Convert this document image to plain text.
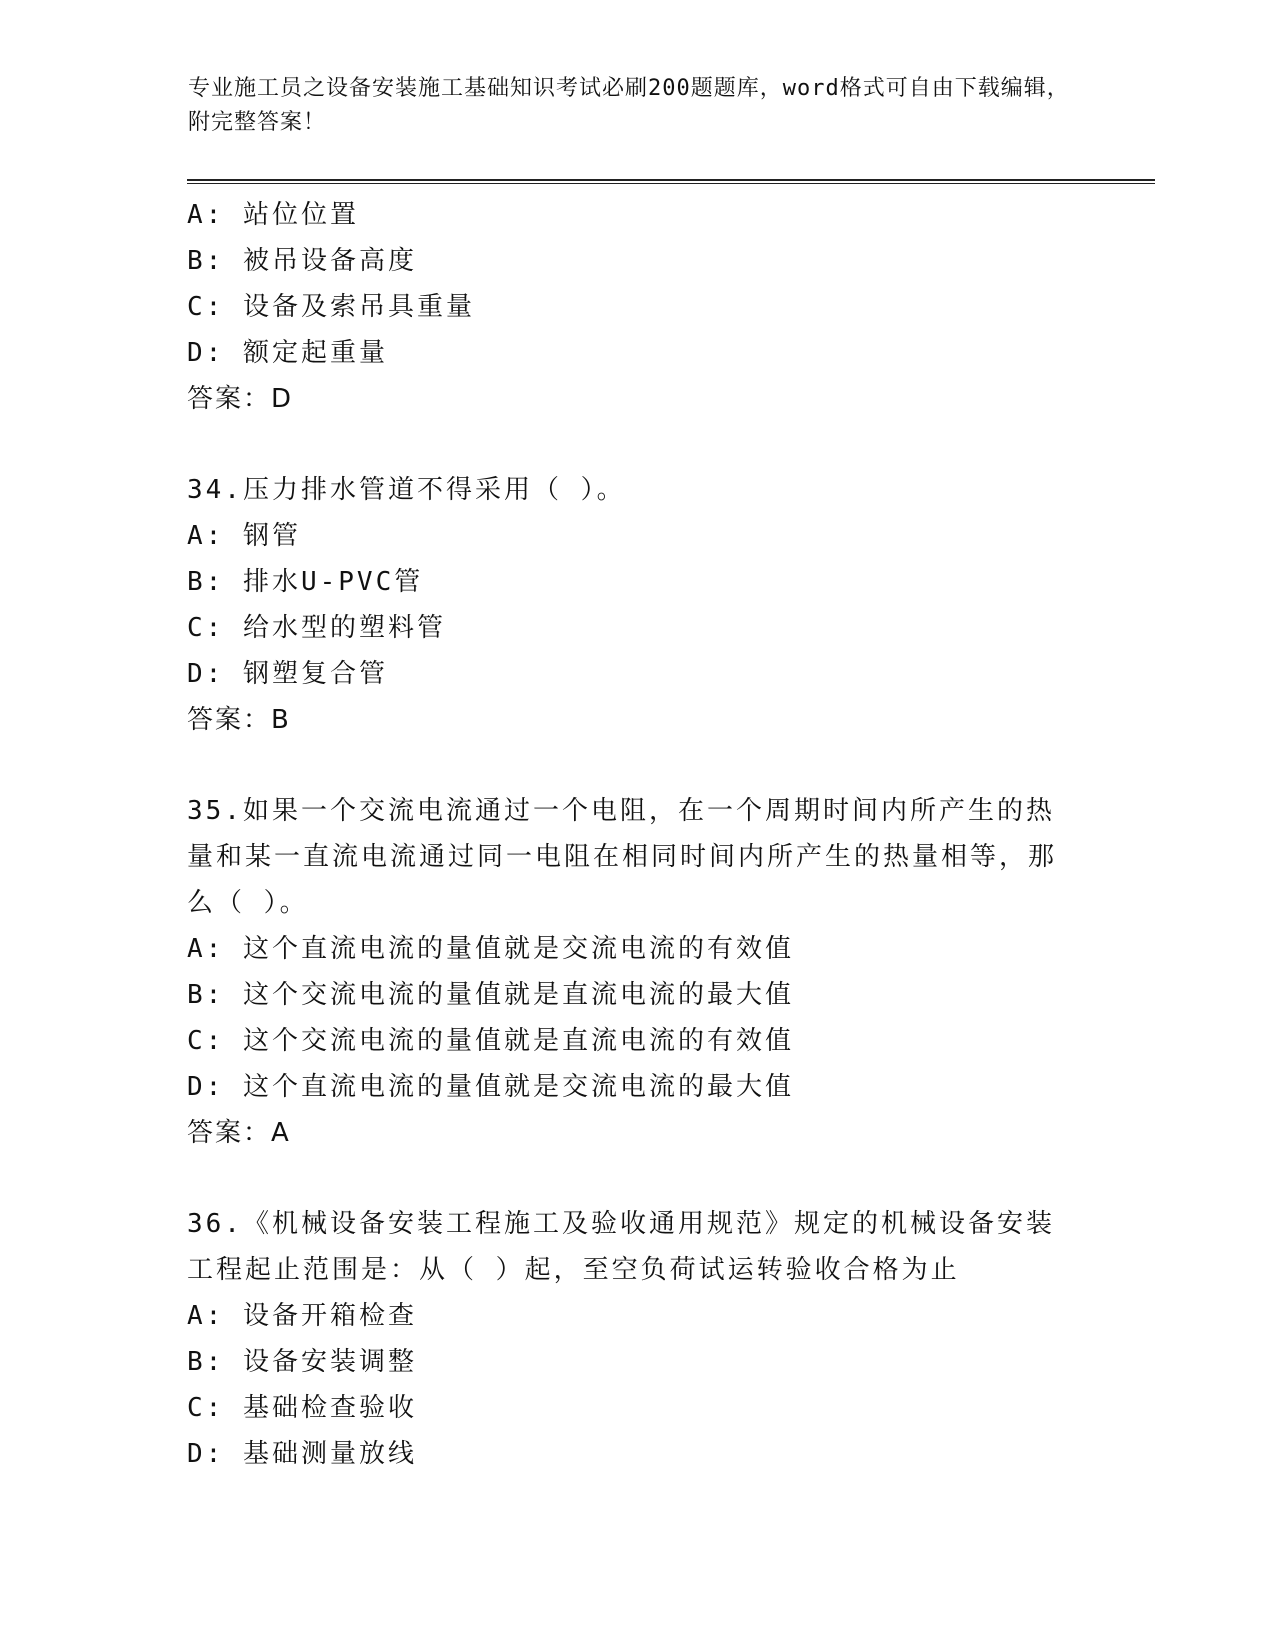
专业施工员之设备安装施工基础知识考试必刷200题题库，word格式可自由下载编辑，附完整答案！
A: 站位位置
B: 被吊设备高度
C: 设备及索吊具重量
D: 额定起重量
答案：D
34.压力排水管道不得采用（ ）。
A: 钢管
B: 排水U-PVC管
C: 给水型的塑料管
D: 钢塑复合管
答案：B
35.如果一个交流电流通过一个电阻，在一个周期时间内所产生的热量和某一直流电流通过同一电阻在相同时间内所产生的热量相等，那么（ ）。
A: 这个直流电流的量值就是交流电流的有效值
B: 这个交流电流的量值就是直流电流的最大值
C: 这个交流电流的量值就是直流电流的有效值
D: 这个直流电流的量值就是交流电流的最大值
答案：A
36.《机械设备安装工程施工及验收通用规范》规定的机械设备安装工程起止范围是：从（ ）起，至空负荷试运转验收合格为止
A: 设备开箱检查
B: 设备安装调整
C: 基础检查验收
D: 基础测量放线
